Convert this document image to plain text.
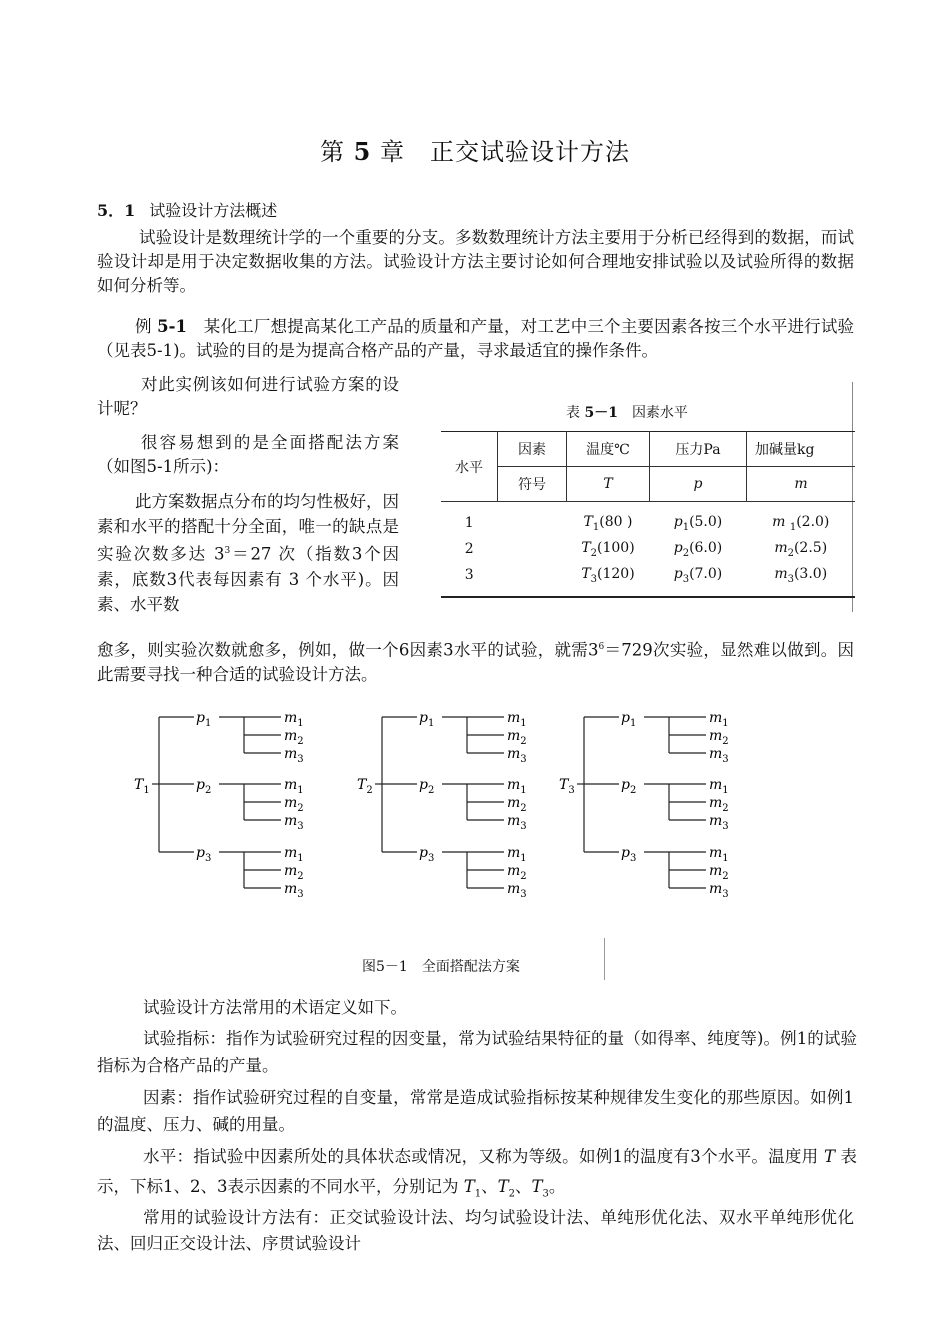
第 5 章　正交试验设计方法
5．1 试验设计方法概述

试验设计是数理统计学的一个重要的分支。多数数理统计方法主要用于分析已经得到的数据，而试验设计却是用于决定数据收集的方法。试验设计方法主要讨论如何合理地安排试验以及试验所得的数据如何分析等。

例 5-1　 某化工厂想提高某化工产品的质量和产量，对工艺中三个主要因素各按三个水平进行试验（见表5-1)。试验的目的是为提高合格产品的产量，寻求最适宜的操作条件。

对此实例该如何进行试验方案的设计呢？

很容易想到的是全面搭配法方案（如图5-1所示)：

此方案数据点分布的均匀性极好，因素和水平的搭配十分全面，唯一的缺点是实验次数多达 $3^3=27$ 次（指数3个因素，底数3代表每因素有 3 个水平)。因素、水平数

愈多，则实验次数就愈多，例如，做一个6因素3水平的试验，就需$3^6=729$次实验，显然难以做到。因此需要寻找一种合适的试验设计方法。

表 5－1　 因素水平
水平	因素	温度℃	压力Pa	加碱量kg
	符号	T	p	m
1		$T_1(80$ )	$p_1(5.0)$	m $_1$(2.0)
2		$T_2(100)$	$p_2(6.0)$	$m_2(2.5)$
3		$T_3(120)$	$p_3(7.0)$	$m_3(3.0)$
$T_1$
$p_1$	$m_1$
$m_2$
$m_3$
$p_2$	$m_1$
$m_2$
$m_3$
$p_3$	$m_1$
$m_2$
$m_3$
$T_2$
$p_1$	$m_1$
$m_2$
$m_3$
$p_2$	$m_1$
$m_2$
$m_3$
$p_3$	$m_1$
$m_2$
$m_3$
$T_3$
$p_1$	$m_1$
$m_2$
$m_3$
$p_2$	$m_1$
$m_2$
$m_3$
$p_3$	$m_1$
$m_2$
$m_3$
图5－1　全面搭配法方案

试验设计方法常用的术语定义如下。

试验指标：指作为试验研究过程的因变量，常为试验结果特征的量（如得率、纯度等)。例1的试验指标为合格产品的产量。

因素：指作试验研究过程的自变量，常常是造成试验指标按某种规律发生变化的那些原因。如例1的温度、压力、碱的用量。

水平：指试验中因素所处的具体状态或情况，又称为等级。如例1的温度有3个水平。温度用 T 表示，下标1、2、3表示因素的不同水平，分别记为 $T_1$、$T_2$、$T_3$。

常用的试验设计方法有：正交试验设计法、均匀试验设计法、单纯形优化法、双水平单纯形优化法、回归正交设计法、序贯试验设计
